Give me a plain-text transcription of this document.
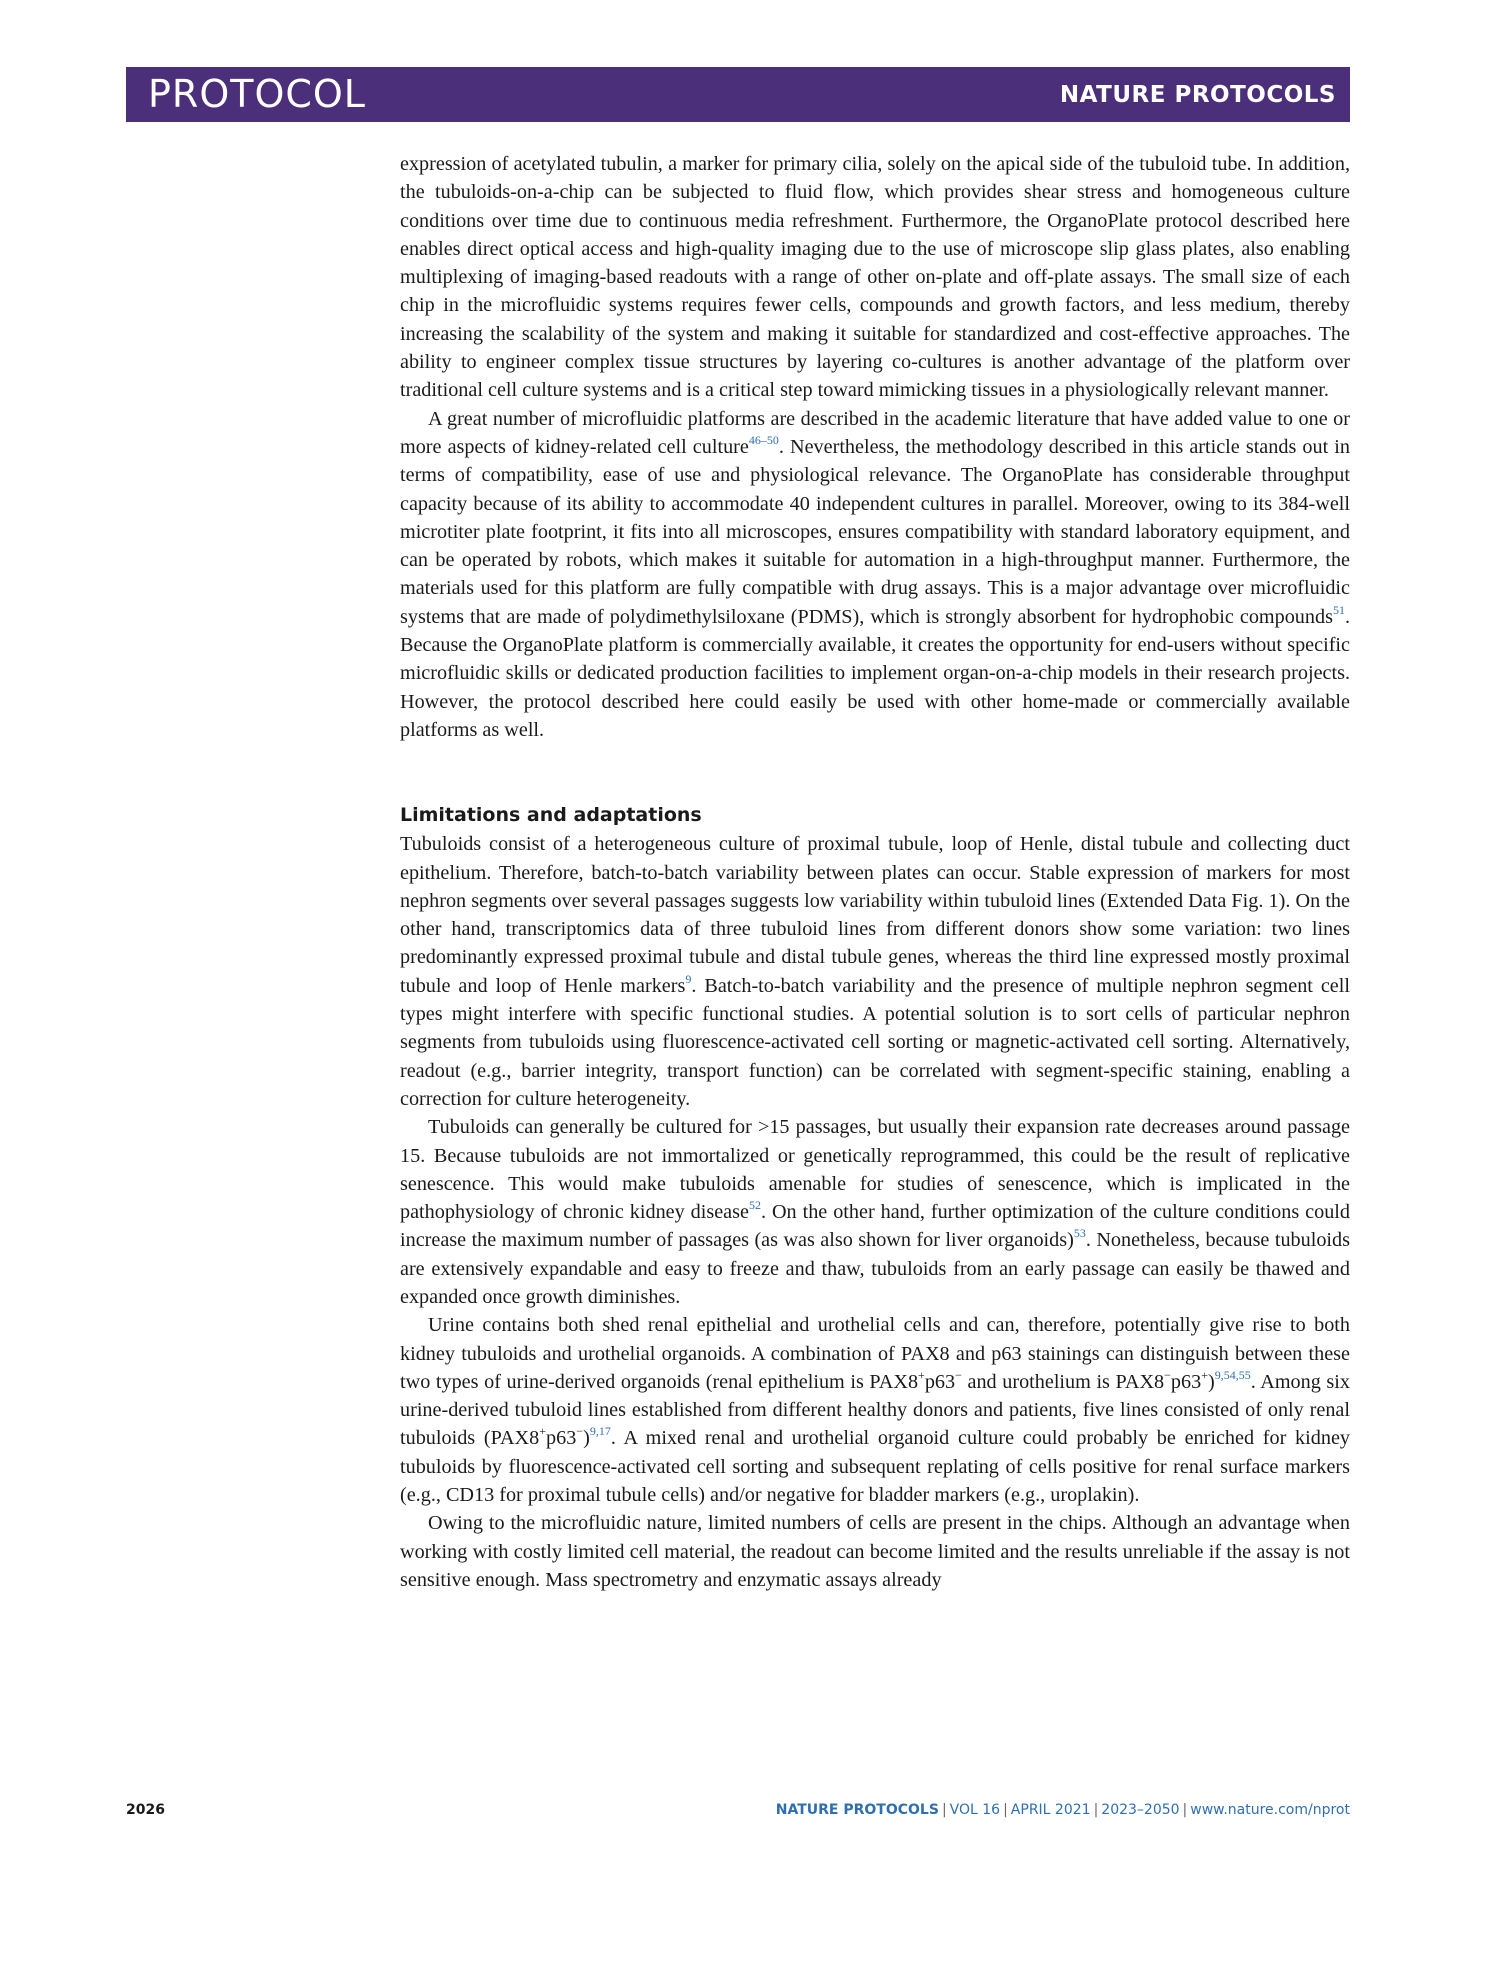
PROTOCOL	NATURE PROTOCOLS

expression of acetylated tubulin, a marker for primary cilia, solely on the apical side of the tubuloid tube. In addition, the tubuloids-on-a-chip can be subjected to fluid flow, which provides shear stress and homogeneous culture conditions over time due to continuous media refreshment. Furthermore, the OrganoPlate protocol described here enables direct optical access and high-quality imaging due to the use of microscope slip glass plates, also enabling multiplexing of imaging-based readouts with a range of other on-plate and off-plate assays. The small size of each chip in the microfluidic systems requires fewer cells, compounds and growth factors, and less medium, thereby increasing the scalability of the system and making it suitable for standardized and cost-effective approaches. The ability to engineer complex tissue structures by layering co-cultures is another advantage of the platform over traditional cell culture systems and is a critical step toward mimicking tissues in a physiologically relevant manner.

A great number of microfluidic platforms are described in the academic literature that have added value to one or more aspects of kidney-related cell culture$^{46-50}$. Nevertheless, the methodology described in this article stands out in terms of compatibility, ease of use and physiological relevance. The OrganoPlate has considerable throughput capacity because of its ability to accommodate 40 independent cultures in parallel. Moreover, owing to its 384-well microtiter plate footprint, it fits into all microscopes, ensures compatibility with standard laboratory equipment, and can be operated by robots, which makes it suitable for automation in a high-throughput manner. Furthermore, the materials used for this platform are fully compatible with drug assays. This is a major advantage over microfluidic systems that are made of polydimethylsiloxane (PDMS), which is strongly absorbent for hydrophobic compounds$^{51}$. Because the OrganoPlate platform is commercially available, it creates the opportunity for end-users without specific microfluidic skills or dedicated production facilities to implement organ-on-a-chip models in their research projects. However, the protocol described here could easily be used with other home-made or commercially available platforms as well.

Limitations and adaptations

Tubuloids consist of a heterogeneous culture of proximal tubule, loop of Henle, distal tubule and collecting duct epithelium. Therefore, batch-to-batch variability between plates can occur. Stable expression of markers for most nephron segments over several passages suggests low variability within tubuloid lines (Extended Data Fig. 1). On the other hand, transcriptomics data of three tubuloid lines from different donors show some variation: two lines predominantly expressed proximal tubule and distal tubule genes, whereas the third line expressed mostly proximal tubule and loop of Henle markers$^9$. Batch-to-batch variability and the presence of multiple nephron segment cell types might interfere with specific functional studies. A potential solution is to sort cells of particular nephron segments from tubuloids using fluorescence-activated cell sorting or magnetic-activated cell sorting. Alternatively, readout (e.g., barrier integrity, transport function) can be correlated with segment-specific staining, enabling a correction for culture heterogeneity.

Tubuloids can generally be cultured for >15 passages, but usually their expansion rate decreases around passage 15. Because tubuloids are not immortalized or genetically reprogrammed, this could be the result of replicative senescence. This would make tubuloids amenable for studies of senescence, which is implicated in the pathophysiology of chronic kidney disease$^{52}$. On the other hand, further optimization of the culture conditions could increase the maximum number of passages (as was also shown for liver organoids)$^{53}$. Nonetheless, because tubuloids are extensively expandable and easy to freeze and thaw, tubuloids from an early passage can easily be thawed and expanded once growth diminishes.

Urine contains both shed renal epithelial and urothelial cells and can, therefore, potentially give rise to both kidney tubuloids and urothelial organoids. A combination of PAX8 and p63 stainings can distinguish between these two types of urine-derived organoids (renal epithelium is PAX8+p63− and urothelium is PAX8−p63+)$^{9,54,55}$. Among six urine-derived tubuloid lines established from different healthy donors and patients, five lines consisted of only renal tubuloids (PAX8+p63−)$^{9,17}$. A mixed renal and urothelial organoid culture could probably be enriched for kidney tubuloids by fluorescence-activated cell sorting and subsequent replating of cells positive for renal surface markers (e.g., CD13 for proximal tubule cells) and/or negative for bladder markers (e.g., uroplakin).

Owing to the microfluidic nature, limited numbers of cells are present in the chips. Although an advantage when working with costly limited cell material, the readout can become limited and the results unreliable if the assay is not sensitive enough. Mass spectrometry and enzymatic assays already

2026	NATURE PROTOCOLS | VOL 16 | APRIL 2021 | 2023–2050 | www.nature.com/nprot
